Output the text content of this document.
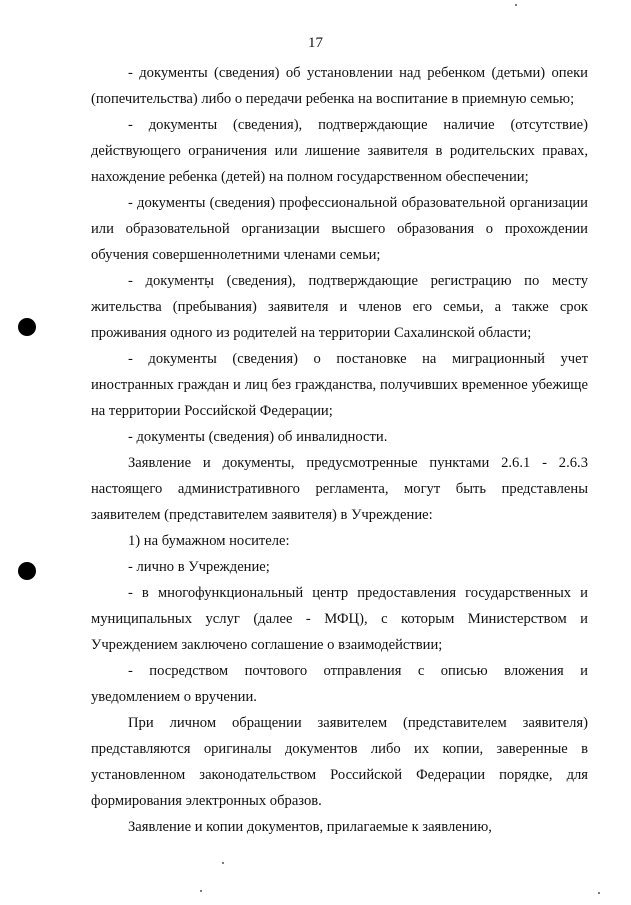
17

- документы (сведения) об установлении над ребенком (детьми) опеки (попечительства) либо о передачи ребенка на воспитание в приемную семью;

- документы (сведения), подтверждающие наличие (отсутствие) действующего ограничения или лишение заявителя в родительских правах, нахождение ребенка (детей) на полном государственном обеспечении;

- документы (сведения) профессиональной образовательной организации или образовательной организации высшего образования о прохождении обучения совершеннолетними членами семьи;

- документы (сведения), подтверждающие регистрацию по месту жительства (пребывания) заявителя и членов его семьи, а также срок проживания одного из родителей на территории Сахалинской области;

- документы (сведения) о постановке на миграционный учет иностранных граждан и лиц без гражданства, получивших временное убежище на территории Российской Федерации;

- документы (сведения) об инвалидности.

Заявление и документы, предусмотренные пунктами 2.6.1 - 2.6.3 настоящего административного регламента, могут быть представлены заявителем (представителем заявителя) в Учреждение:

1) на бумажном носителе:

- лично в Учреждение;

- в многофункциональный центр предоставления государственных и муниципальных услуг (далее - МФЦ), с которым Министерством и Учреждением заключено соглашение о взаимодействии;

- посредством почтового отправления с описью вложения и уведомлением о вручении.

При личном обращении заявителем (представителем заявителя) представляются оригиналы документов либо их копии, заверенные в установленном законодательством Российской Федерации порядке, для формирования электронных образов.

Заявление и копии документов, прилагаемые к заявлению,
